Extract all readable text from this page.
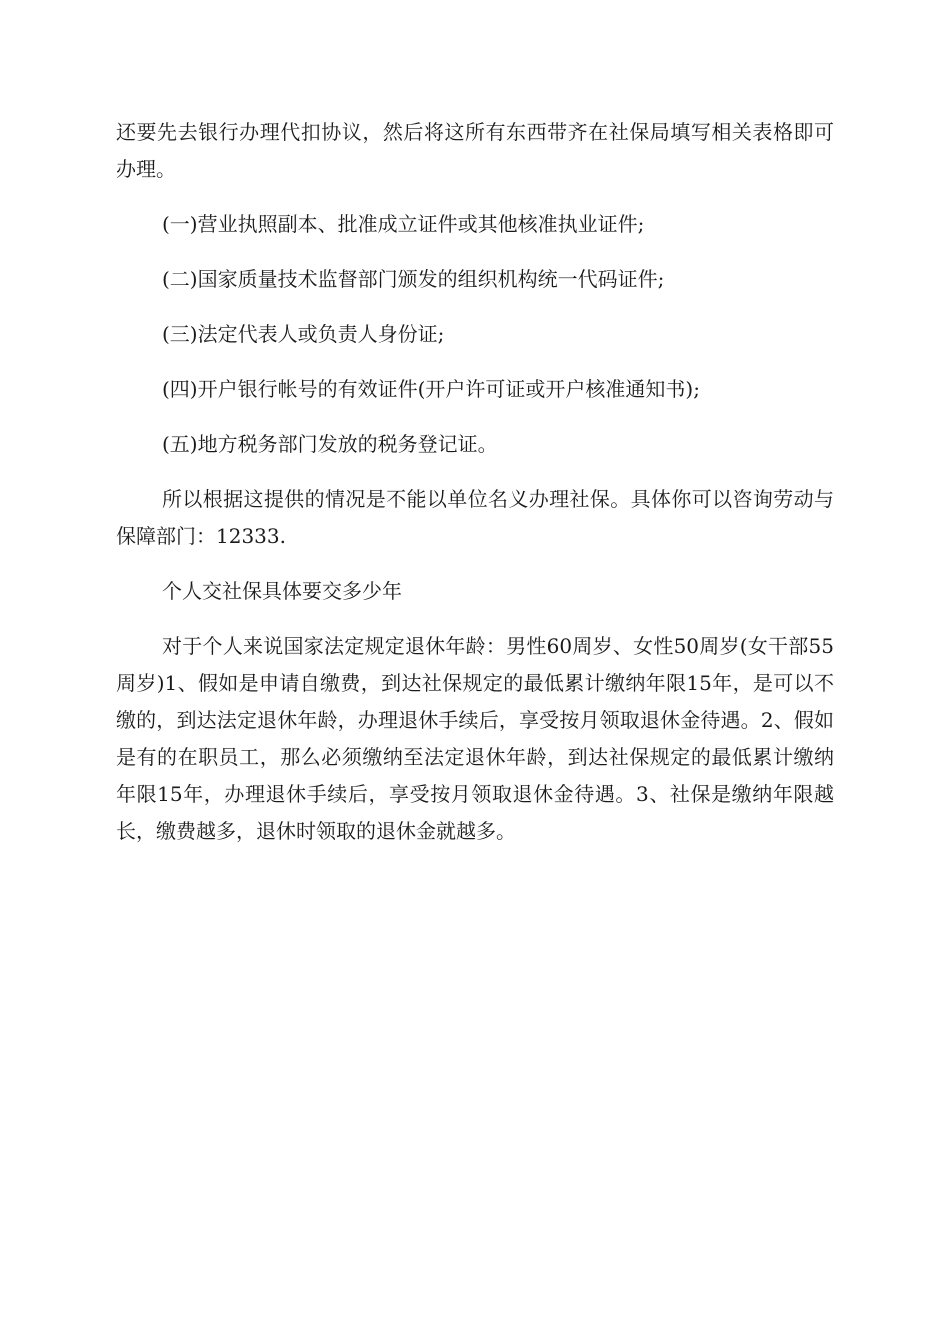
还要先去银行办理代扣协议，然后将这所有东西带齐在社保局填写相关表格即可办理。

(一)营业执照副本、批准成立证件或其他核准执业证件;

(二)国家质量技术监督部门颁发的组织机构统一代码证件;

(三)法定代表人或负责人身份证;

(四)开户银行帐号的有效证件(开户许可证或开户核准通知书);

(五)地方税务部门发放的税务登记证。

所以根据这提供的情况是不能以单位名义办理社保。具体你可以咨询劳动与保障部门：12333.

个人交社保具体要交多少年

对于个人来说国家法定规定退休年龄：男性60周岁、女性50周岁(女干部55周岁)1、假如是申请自缴费，到达社保规定的最低累计缴纳年限15年，是可以不缴的，到达法定退休年龄，办理退休手续后，享受按月领取退休金待遇。2、假如是有的在职员工，那么必须缴纳至法定退休年龄，到达社保规定的最低累计缴纳年限15年，办理退休手续后，享受按月领取退休金待遇。3、社保是缴纳年限越长，缴费越多，退休时领取的退休金就越多。
